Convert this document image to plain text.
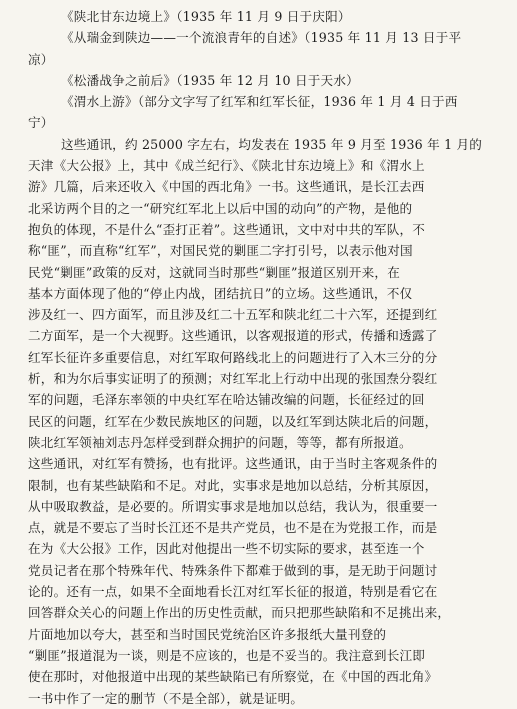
《陕北甘东边境上》（1935 年 11 月 9 日于庆阳）
《从瑞金到陕边——一个流浪青年的自述》（1935 年 11 月 13 日于平
凉）
《松潘战争之前后》（1935 年 12 月 10 日于天水）
《渭水上游》（部分文字写了红军和红军长征，1936 年 1 月 4 日于西
宁）
这些通讯，约 25000 字左右，均发表在 1935 年 9 月至 1936 年 1 月的
天津《大公报》上，其中《成兰纪行》、《陕北甘东边境上》和《渭水上
游》几篇，后来还收入《中国的西北角》一书。这些通讯，是长江去西
北采访两个目的之一“研究红军北上以后中国的动向”的产物，是他的
抱负的体现，不是什么“歪打正着”。这些通讯，文中对中共的军队，不
称“匪”，而直称“红军”，对国民党的剿匪二字打引号，以表示他对国
民党“剿匪”政策的反对，这就同当时那些“剿匪”报道区别开来，在
基本方面体现了他的“停止内战，团结抗日”的立场。这些通讯，不仅
涉及红一、四方面军，而且涉及红二十五军和陕北红二十六军，还提到红
二方面军，是一个大视野。这些通讯，以客观报道的形式，传播和透露了
红军长征许多重要信息，对红军取何路线北上的问题进行了入木三分的分
析，和为尔后事实证明了的预测；对红军北上行动中出现的张国焘分裂红
军的问题，毛泽东率领的中央红军在哈达铺改编的问题，长征经过的回
民区的问题，红军在少数民族地区的问题，以及红军到达陕北后的问题，
陕北红军领袖刘志丹怎样受到群众拥护的问题，等等，都有所报道。
这些通讯，对红军有赞扬，也有批评。这些通讯，由于当时主客观条件的
限制，也有某些缺陷和不足。对此，实事求是地加以总结，分析其原因，
从中吸取教益，是必要的。所谓实事求是地加以总结，我认为，很重要一
点，就是不要忘了当时长江还不是共产党员，也不是在为党报工作，而是
在为《大公报》工作，因此对他提出一些不切实际的要求，甚至连一个
党员记者在那个特殊年代、特殊条件下都难于做到的事，是无助于问题讨
论的。还有一点，如果不全面地看长江对红军长征的报道，特别是看它在
回答群众关心的问题上作出的历史性贡献，而只把那些缺陷和不足挑出来，
片面地加以夸大，甚至和当时国民党统治区许多报纸大量刊登的
“剿匪”报道混为一谈，则是不应该的，也是不妥当的。我注意到长江即
使在那时，对他报道中出现的某些缺陷已有所察觉，在《中国的西北角》
一书中作了一定的删节（不是全部），就是证明。
